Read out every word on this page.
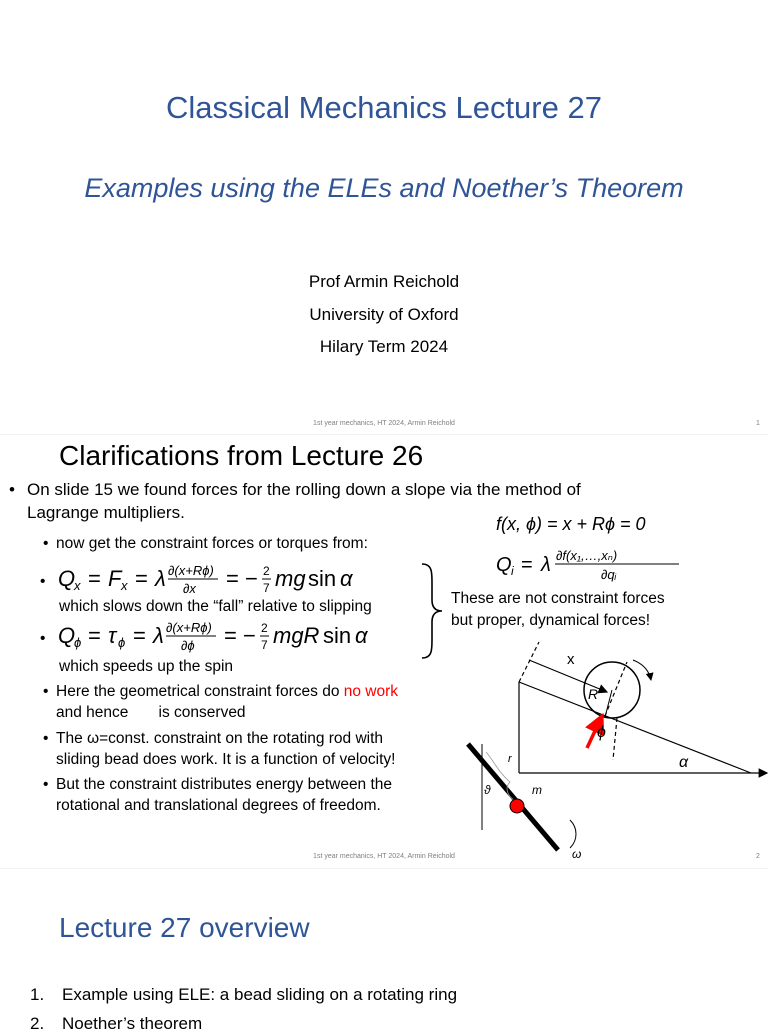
Classical Mechanics Lecture 27
Examples using the ELEs and Noether’s Theorem
Prof Armin Reichold
University of Oxford
Hilary Term 2024
1st year mechanics, HT 2024, Armin Reichold	1
Clarifications from Lecture 26
• On slide 15 we found forces for the rolling down a slope via the method of
Lagrange multipliers.
• now get the constraint forces or torques from:
• Q
x = F x = λ ∂(x+Rϕ)
∂x = − 2
7 mg sin α
which slows down the “fall” relative to slipping
• Q
ϕ = τ ϕ = λ ∂(x+Rϕ)
∂ϕ = − 2
7 mgR sin α
which speeds up the spin
• Here the geometrical constraint forces do no work
and hence       is conserved
• The ω=const. constraint on the rotating rod with
sliding bead does work. It is a function of velocity!
• But the constraint distributes energy between the
rotational and translational degrees of freedom.
f(x, ϕ) = x + Rϕ = 0
Q i = λ ∂f(x₁,…,xₙ)
∂qᵢ
These are not constraint forces
but proper, dynamical forces!
x
R
ϕ
α
r
ϑ	m
ω
1st year mechanics, HT 2024, Armin Reichold	2
Lecture 27 overview
1. Example using ELE: a bead sliding on a rotating ring
2. Noether’s theorem
